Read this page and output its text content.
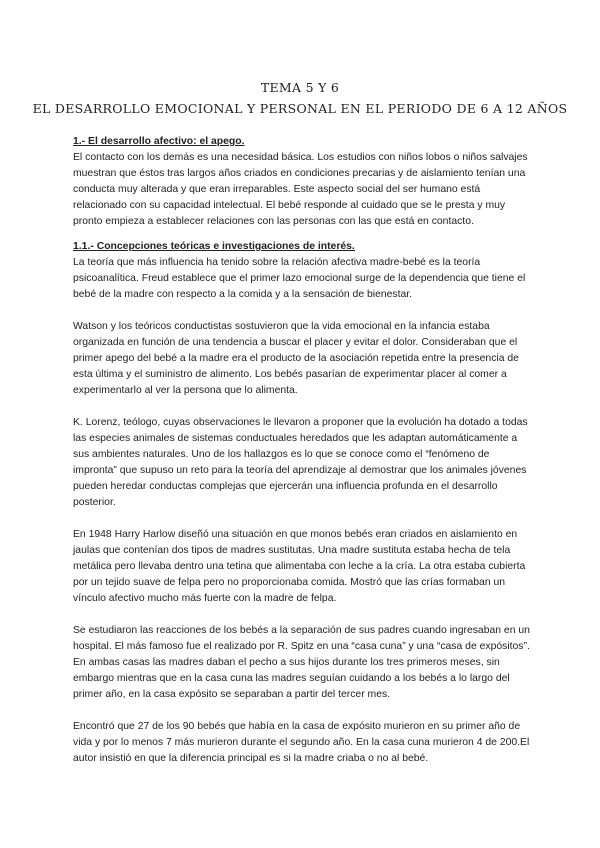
TEMA 5 Y 6
EL DESARROLLO EMOCIONAL Y PERSONAL EN EL PERIODO DE 6 A 12 AÑOS

1.- El desarrollo afectivo: el apego.

El contacto con los demás es una necesidad básica. Los estudios con niños lobos o niños salvajes muestran que éstos tras largos años criados en condiciones precarias y de aislamiento tenían una conducta muy alterada y que eran irreparables. Este aspecto social del ser humano está relacionado con su capacidad intelectual. El bebé responde al cuidado que se le presta y muy pronto empieza a establecer relaciones con las personas con las que está en contacto.

1.1.- Concepciones teóricas e investigaciones de interés.

La teoría que más influencia ha tenido sobre la relación afectiva madre-bebé es la teoría psicoanalítica. Freud establece que el primer lazo emocional surge de la dependencia que tiene el bebé de la madre con respecto a la comida y a la sensación de bienestar.

Watson y los teóricos conductistas sostuvieron que la vida emocional en la infancia estaba organizada en función de una tendencia a buscar el placer y evitar el dolor. Consideraban que el primer apego del bebé a la madre era el producto de la asociación repetida entre la presencia de esta última y el suministro de alimento. Los bebés pasarían de experimentar placer al comer a experimentarlo al ver la persona que lo alimenta.

K. Lorenz, teólogo, cuyas observaciones le llevaron a proponer que la evolución ha dotado a todas las especies animales de sistemas conductuales heredados que les adaptan automáticamente a sus ambientes naturales. Uno de los hallazgos es lo que se conoce como el “fenómeno de impronta” que supuso un reto para la teoría del aprendizaje al demostrar que los animales jóvenes pueden heredar conductas complejas que ejercerán una influencia profunda en el desarrollo posterior.

En 1948 Harry Harlow diseñó una situación en que monos bebés eran criados en aislamiento en jaulas que contenían dos tipos de madres sustitutas. Una madre sustituta estaba hecha de tela metálica pero llevaba dentro una tetina que alimentaba con leche a la cría. La otra estaba cubierta por un tejido suave de felpa pero no proporcionaba comida. Mostró que las crías formaban un vínculo afectivo mucho más fuerte con la madre de felpa.

Se estudiaron las reacciones de los bebés a la separación de sus padres cuando ingresaban en un hospital. El más famoso fue el realizado por R. Spitz en una “casa cuna” y una “casa de expósitos”. En ambas casas las madres daban el pecho a sus hijos durante los tres primeros meses, sin embargo mientras que en la casa cuna las madres seguían cuidando a los bebés a lo largo del primer año, en la casa expósito se separaban a partir del tercer mes.

Encontró que 27 de los 90 bebés que había en la casa de expósito murieron en su primer año de vida y por lo menos 7 más murieron durante el segundo año. En la casa cuna murieron 4 de 200.El autor insistió en que la diferencia principal es si la madre criaba o no al bebé.
